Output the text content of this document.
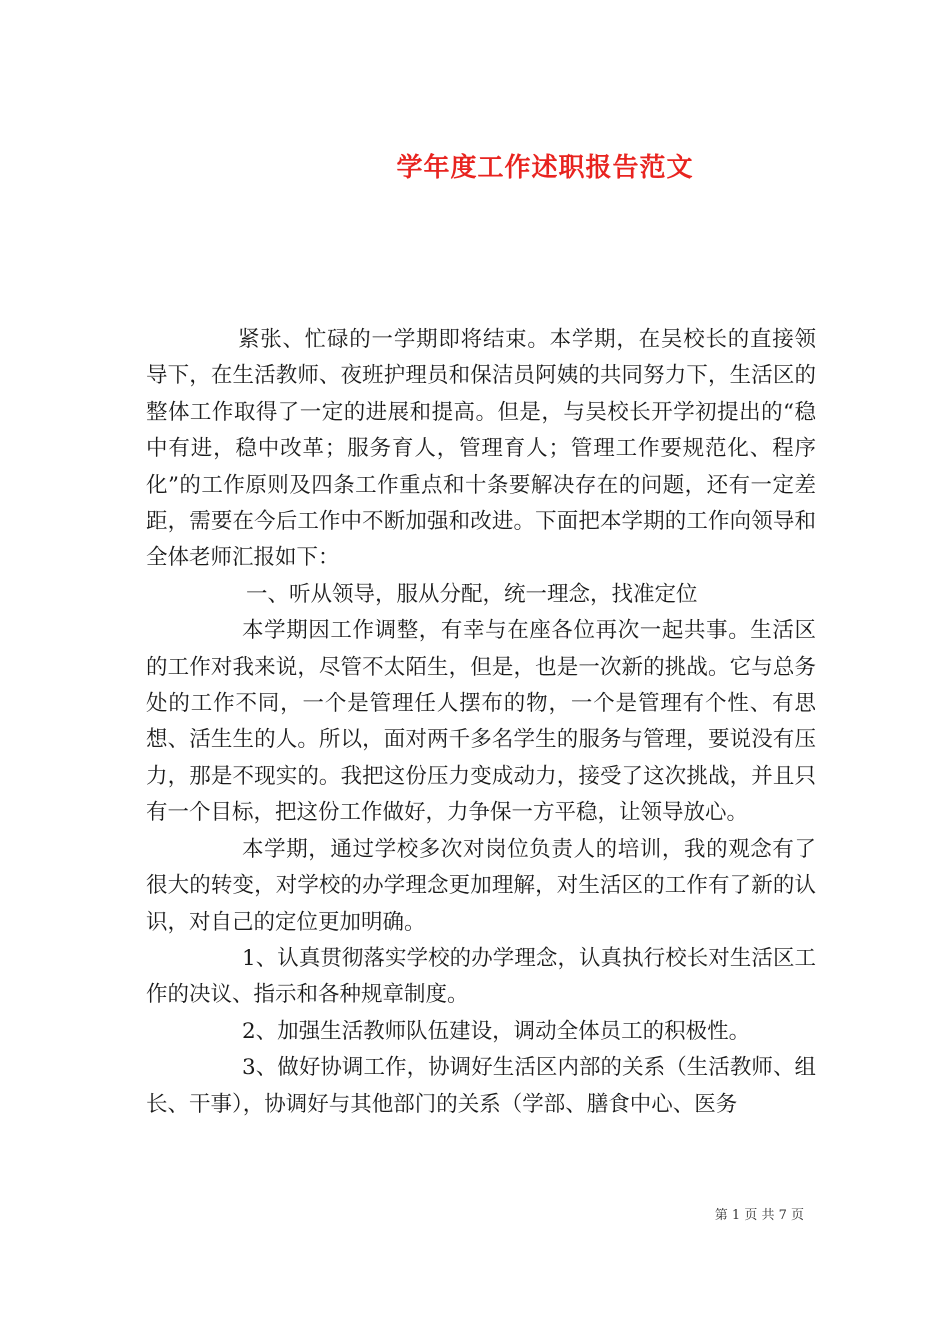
学年度工作述职报告范文

紧张、忙碌的一学期即将结束。本学期，在吴校长的直接领导下，在生活教师、夜班护理员和保洁员阿姨的共同努力下，生活区的整体工作取得了一定的进展和提高。但是，与吴校长开学初提出的“稳中有进，稳中改革；服务育人，管理育人；管理工作要规范化、程序化”的工作原则及四条工作重点和十条要解决存在的问题，还有一定差距，需要在今后工作中不断加强和改进。下面把本学期的工作向领导和全体老师汇报如下：

一、听从领导，服从分配，统一理念，找准定位

本学期因工作调整，有幸与在座各位再次一起共事。生活区的工作对我来说，尽管不太陌生，但是，也是一次新的挑战。它与总务处的工作不同，一个是管理任人摆布的物，一个是管理有个性、有思想、活生生的人。所以，面对两千多名学生的服务与管理，要说没有压力，那是不现实的。我把这份压力变成动力，接受了这次挑战，并且只有一个目标，把这份工作做好，力争保一方平稳，让领导放心。

本学期，通过学校多次对岗位负责人的培训，我的观念有了很大的转变，对学校的办学理念更加理解，对生活区的工作有了新的认识，对自己的定位更加明确。

1、认真贯彻落实学校的办学理念，认真执行校长对生活区工作的决议、指示和各种规章制度。

2、加强生活教师队伍建设，调动全体员工的积极性。

3、做好协调工作，协调好生活区内部的关系（生活教师、组长、干事），协调好与其他部门的关系（学部、膳食中心、医务

第 1 页 共 7 页
